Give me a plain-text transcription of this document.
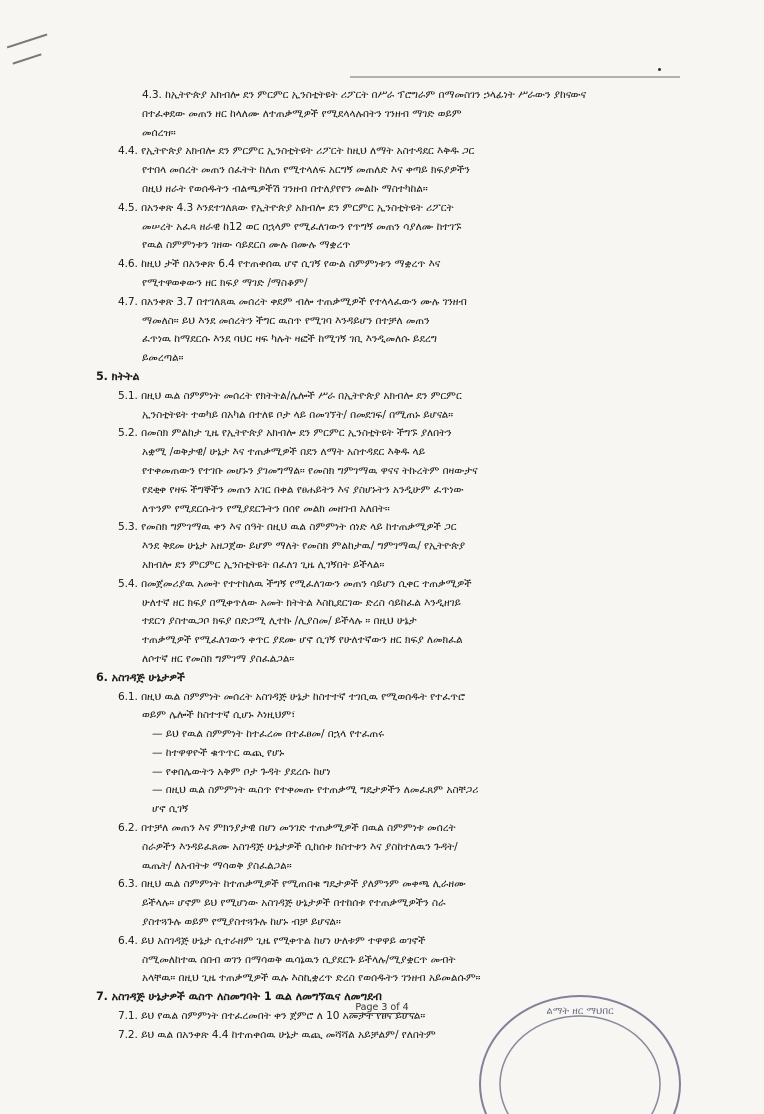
4.3. ከኢትዮጵያ አክብሎ ደን ምርምር ኢንስቲትዩት ሪፖርት በሥራ ፕሮግራም በማመስገን ኃላፊነት ሥራውን ያከናውና
በተፈቀደው መጠን ዘር ከላለሙ ለተጠቃሚዎች የሚደላላሉበትን ገንዘብ ማገድ ወይም
መሰረዝ።
4.4. የኢትዮጵያ አክብሎ ደን ምርምር ኢንስቲትዩት ሪፖርት ከዚህ ለማት አስተዳደር እቅዱ ጋር
የተበላ መሰረት መጠን ሰፈትት ከለጠ የሚተላለፍ አርግኝ መጠለድ እና ቀጣይ ክፍያዎችን
በዚህ ዘራት የወሰዱትን ብልጫዎችሽ ገንዘብ በተለያየየን መልኩ ማስተካከል።
4.5. በአንቀጽ 4.3 እንደተገለጸው የኢትዮጵያ አክብሎ ደን ምርምር ኢንስቲትዩት ሪፖርት
መሠረት አፈጻ ዘራዊ ከ12 ወር በኋላም የሚፈለገውን የጥግኝ መጠን ሳያለሙ ከተገኙ
የዉል ስምምነቱን ገዘው ሳይደርስ ሙሉ በሙሉ ማቋረጥ
4.6. ከዚህ ታች በአንቀጽ 6.4 የተጠቀሰዉ ሆኖ ሲገኝ የውል ስምምነቱን ማቋረጥ እና
የሚተዋወቀውን ዘር ክፍያ ማገድ /ማስቆም/
4.7. በአንቀጽ 3.7 በተገለጸዉ መሰረት ቀደም ብሎ ተጠቃሚዎች የተላላፈውን ሙሉ ገንዘብ
ማመለስ። ይህ እንደ መሰረትን ችግር ዉስጥ የሚገባ እንዳይሆን በተቻለ መጠን
ፈጥነዉ ከማደርሱ እንደ ባህር ዛፍ ካሉት ዛፎች ከሚገኝ ገቢ እንዲመለሱ ይደረግ
ይመረጣል።
5. ክትትል
5.1. በዚህ ዉል ስምምነት መሰረት የክትትል/ሌሎች ሥራ በኢትዮጵያ አክብሎ ደን ምርምር
ኢንስቲትዩት ተወካይ በአካል በተለዩ ቦታ ላይ በመገኘት/ በመደገፍ/ በሚጠኑ ይሆናል።
5.2. በመስክ ምልከታ ጊዜ የኢትዮጵያ አክብሎ ደን ምርምር ኢንስቲትዩት ችግኙ ያለበትን
አቋሚ /ወቅታዊ/ ሁኔታ እና ተጠቃሚዎች በደን ለማት አስተዳደር እቅዱ ላይ
የተቀመጠውን የተገቡ መሆኑን ያገመግማል። የመስክ ግምገማዉ ዋናና ትኩረትም በዛውታና
የደቂቀ የዛፍ ችግኞችን መጠን አገር በቀል የፀሐይትን እና ያስሆኑትን አንዲሁም ፈጥነው
ለጥንም የሚደርሱትን የሚያደርጉትን በሰየ መልክ መዘገብ አለበት።
5.3. የመስክ ግምገማዉ ቀን እና ሰዓት በዚህ ዉል ስምምነት ሰነድ ላይ ከተጠቃሚዎች ጋር
እንደ ቅደመ ሁኔታ አዘጋጀው ይሆም ማለት የመስክ ምልከታዉ/ ግምገማዉ/ የኢትዮጵያ
አክብሎ ደን ምርምር ኢንስቲትዩት በፈለገ ጊዜ ሊገኝበት ይችላል።
5.4. በመጀመሪያዉ አመት የተተከለዉ ችግኝ የሚፈለገውን መጠን ሳይሆን ሲቀር ተጠቃሚዎች
ሁለተኛ ዘር ክፍያ በሚቀጥለው አመት ክትትል እስኪደርገው ድረስ ሳይከፈል እንዲዘገይ
ተደርጎ ያስተዉጋቦ ክፍያ በድጋሚ ሊተኩ /ሊያስመ/ ይችላሉ ። በዚህ ሁኔታ
ተጠቃሚዎች የሚፈለገውን ቀጥር ያደሙ ሆኖ ሲገኝ የሁለተኛውን ዘር ክፍያ ለመክፈል
ለሶተኛ ዘር የመስክ ግምገማ ያስፈልጋል።
6. አስገዳጅ ሁኔታዎች
6.1. በዚህ ዉል ስምምነት መሰረት አስገዳጅ ሁኔታ ከስተተኛ ተገቢዉ የሚወሰዱት የተፈጥሮ
ወይም ሌሎች ከስተተኛ ሲሆኑ እነዚህም፣
— ይህ የዉል ስምምነት ከተፈረመ በተፈፀመ/ በኋላ የተፈጠሩ
— ከተዋዋዮች ቁጥጥር ዉጪ የሆኑ
— የቀበሌውትን አቅም ቦታ ጉዳት ያደረሱ ከሆነ
— በዚህ ዉል ስምምነት ዉስጥ የተቀመጡ የተጠቃሚ ግዴታዎችን ለመፈጸም አስቸጋሪ
ሆኖ ሲገኝ
6.2. በተቻለ መጠን እና ምክንያታዊ በሆነ መንገድ ተጠቃሚዎች በዉል ስምምነቱ መሰረት
ስራዎችን እንዳይፈጸሙ አስገዳጅ ሁኔታዎች ሲከሰቱ ክስተቱን እና ያስከተለዉን ጉዳት/
ዉጤት/ ለአብትቱ ማሳወቅ ያስፈልጋል።
6.3. በዚህ ዉል ስምምነት ከተጠቃሚዎች የሚጠበቁ ግዴታዎች ያለምንም መቀጫ ሊራዘሙ
ይችላሉ። ሆኖም ይህ የሚሆነው አስገዳጅ ሁኔታዎች በተከሰቱ የተጠቃሚዎችን ስራ
ያስተጓጉሉ ወይም የሚያስተጓጉሉ ከሆኑ ብቻ ይሆናል።
6.4. ይህ አስገዳጅ ሁኔታ ሲተራዘም ጊዜ የሚቀጥል ከሆነ ሁለቱም ተዋዋይ ወገኖች
ስሚመለከተዉ ሰበብ ወገን በማሳወቅ ዉሳኔዉን ሲያደርጉ ይችላሉ/ሚያቋርጥ መብት
አላቸዉ። በዚህ ጊዜ ተጠቃሚዎች ዉሉ እስኪቋረጥ ድረስ የወሰዱትን ገንዘብ አይመልሱም።
7. አስገዳጅ ሁኔታዎች ዉስጥ ለስመግባት 1 ዉል ለመግኘዉና ለመግደብ
7.1. ይህ የዉል ስምምነት በተፈረመበት ቀን ጀምሮ ለ 10 አመታት የፀና ይሆናል።
7.2. ይህ ዉል በአንቀጽ 4.4 ከተጠቀሰዉ ሁኔታ ዉጪ መሻሻል አይቻልም/ የለበትም
ልማት ዘር ማህበር
Page 3 of 4
